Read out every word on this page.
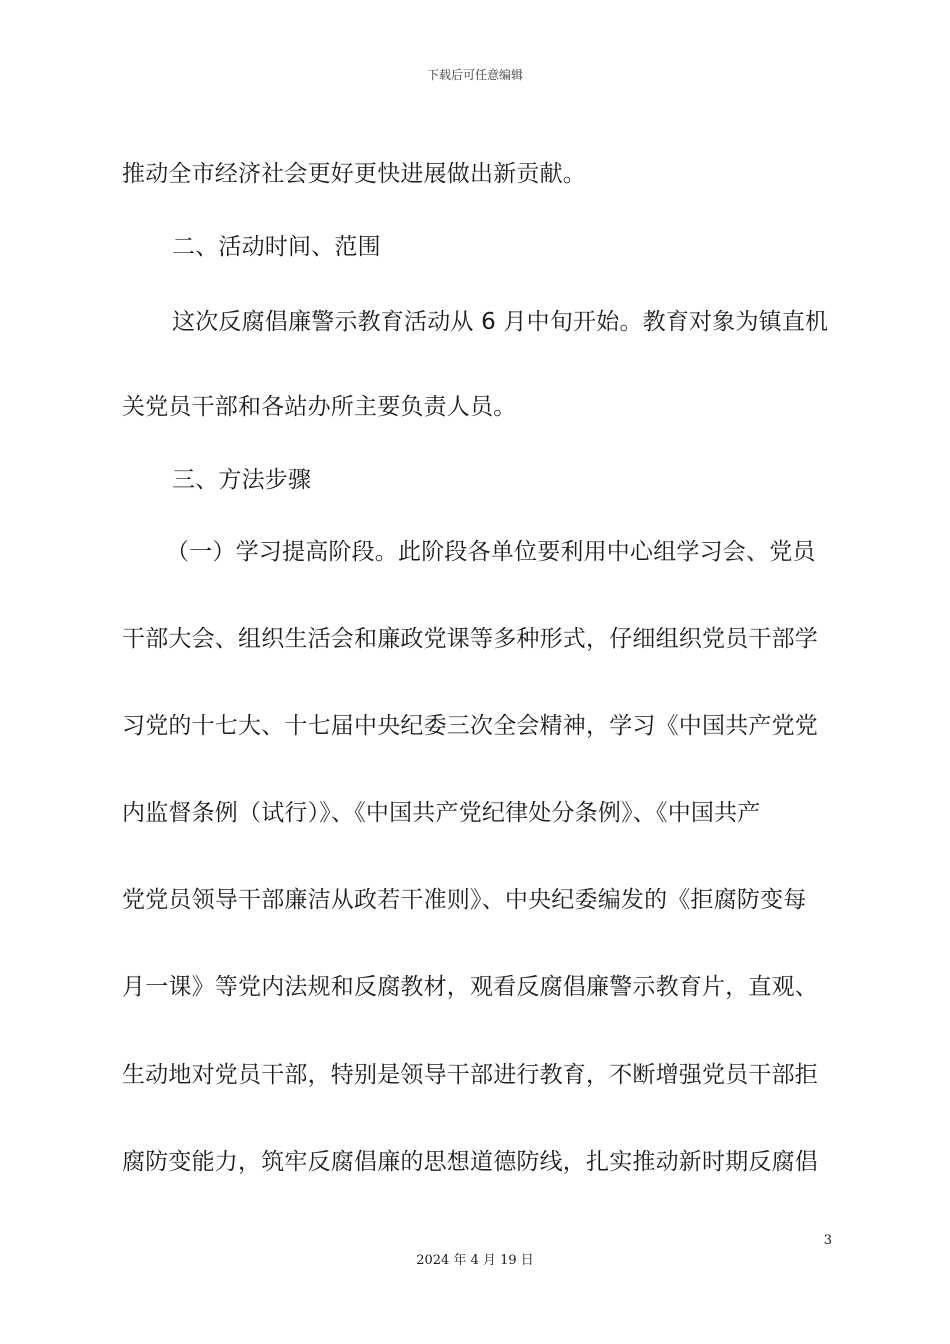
下载后可任意编辑
推动全市经济社会更好更快进展做出新贡献。
二、活动时间、范围
这次反腐倡廉警示教育活动从 6 月中旬开始。教育对象为镇直机
关党员干部和各站办所主要负责人员。
三、方法步骤
（一）学习提高阶段。此阶段各单位要利用中心组学习会、党员
干部大会、组织生活会和廉政党课等多种形式，仔细组织党员干部学
习党的十七大、十七届中央纪委三次全会精神，学习《中国共产党党
内监督条例（试行）》、《中国共产党纪律处分条例》、《中国共产
党党员领导干部廉洁从政若干准则》、中央纪委编发的《拒腐防变每
月一课》等党内法规和反腐教材，观看反腐倡廉警示教育片，直观、
生动地对党员干部，特别是领导干部进行教育，不断增强党员干部拒
腐防变能力，筑牢反腐倡廉的思想道德防线，扎实推动新时期反腐倡
3
2024 年 4 月 19 日
